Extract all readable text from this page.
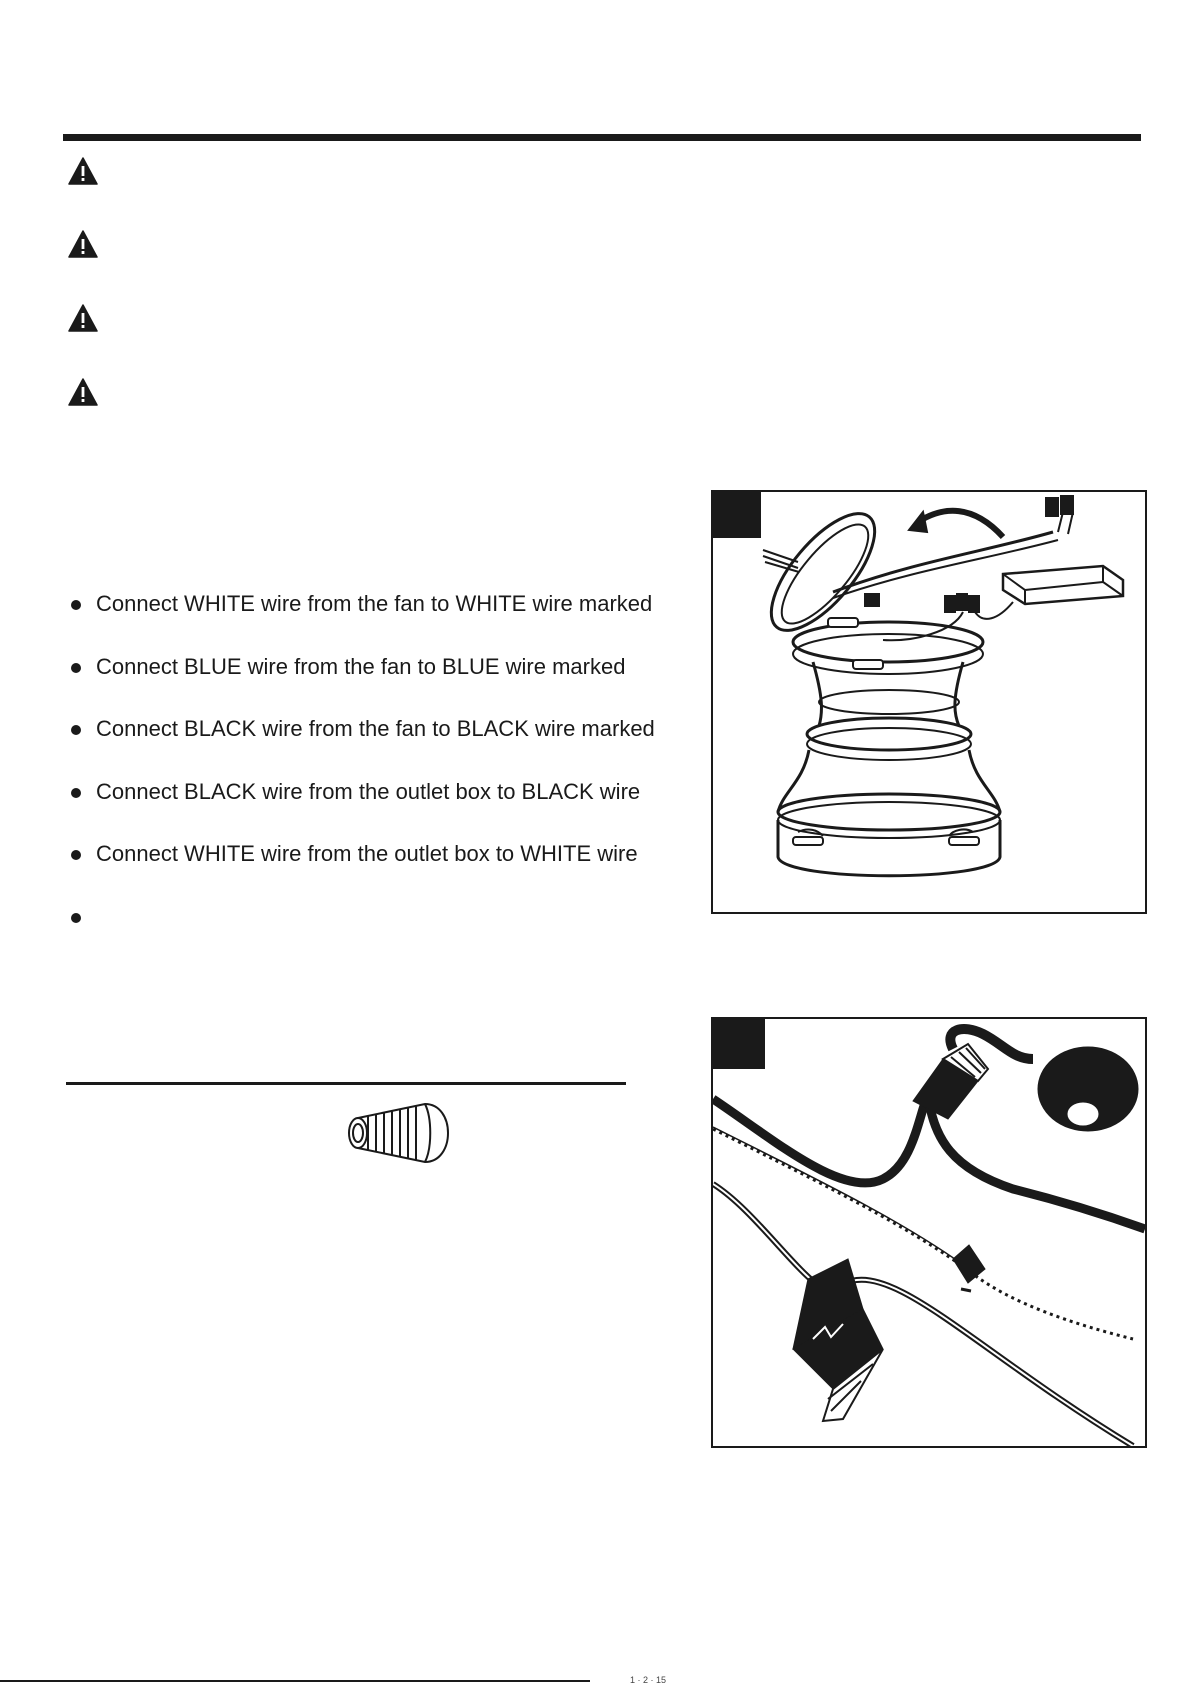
Connect WHITE wire from the fan to WHITE wire marked
Connect BLUE wire from the fan to BLUE wire marked
Connect BLACK wire from the fan to BLACK wire marked
Connect BLACK wire from the outlet box to BLACK wire
Connect WHITE wire from the outlet box to WHITE wire
1 · 2 · 15
